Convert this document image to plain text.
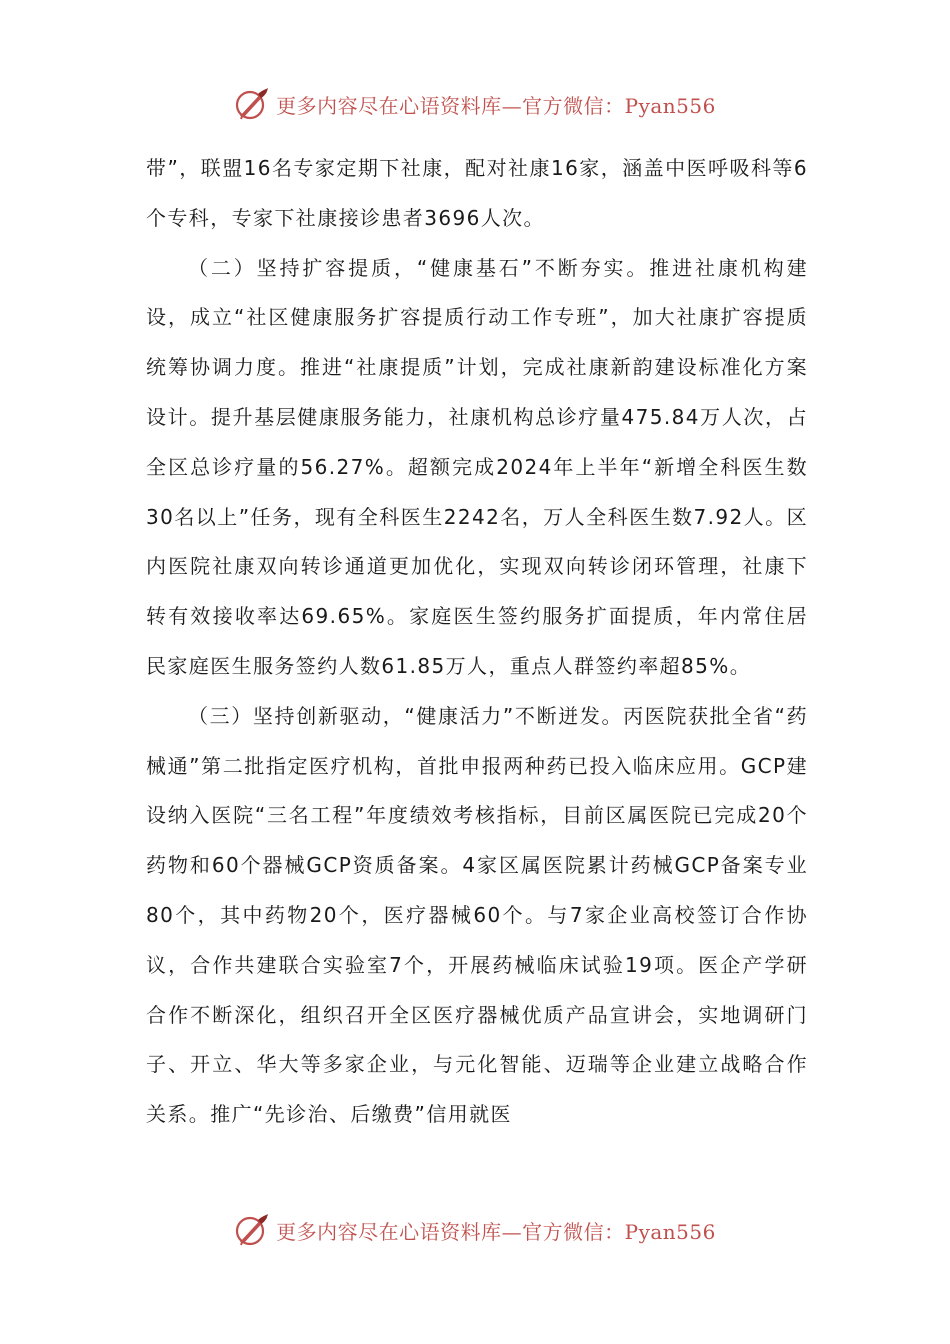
更多内容尽在心语资料库—官方微信：Pyan556

带”，联盟16名专家定期下社康，配对社康16家，涵盖中医呼吸科等6个专科，专家下社康接诊患者3696人次。

（二）坚持扩容提质，“健康基石”不断夯实。推进社康机构建设，成立“社区健康服务扩容提质行动工作专班”，加大社康扩容提质统筹协调力度。推进“社康提质”计划，完成社康新韵建设标准化方案设计。提升基层健康服务能力，社康机构总诊疗量475.84万人次，占全区总诊疗量的56.27%。超额完成2024年上半年“新增全科医生数30名以上”任务，现有全科医生2242名，万人全科医生数7.92人。区内医院社康双向转诊通道更加优化，实现双向转诊闭环管理，社康下转有效接收率达69.65%。家庭医生签约服务扩面提质，年内常住居民家庭医生服务签约人数61.85万人，重点人群签约率超85%。

（三）坚持创新驱动，“健康活力”不断迸发。丙医院获批全省“药械通”第二批指定医疗机构，首批申报两种药已投入临床应用。GCP建设纳入医院“三名工程”年度绩效考核指标，目前区属医院已完成20个药物和60个器械GCP资质备案。4家区属医院累计药械GCP备案专业80个，其中药物20个，医疗器械60个。与7家企业高校签订合作协议，合作共建联合实验室7个，开展药械临床试验19项。医企产学研合作不断深化，组织召开全区医疗器械优质产品宣讲会，实地调研门子、开立、华大等多家企业，与元化智能、迈瑞等企业建立战略合作关系。推广“先诊治、后缴费”信用就医

更多内容尽在心语资料库—官方微信：Pyan556
